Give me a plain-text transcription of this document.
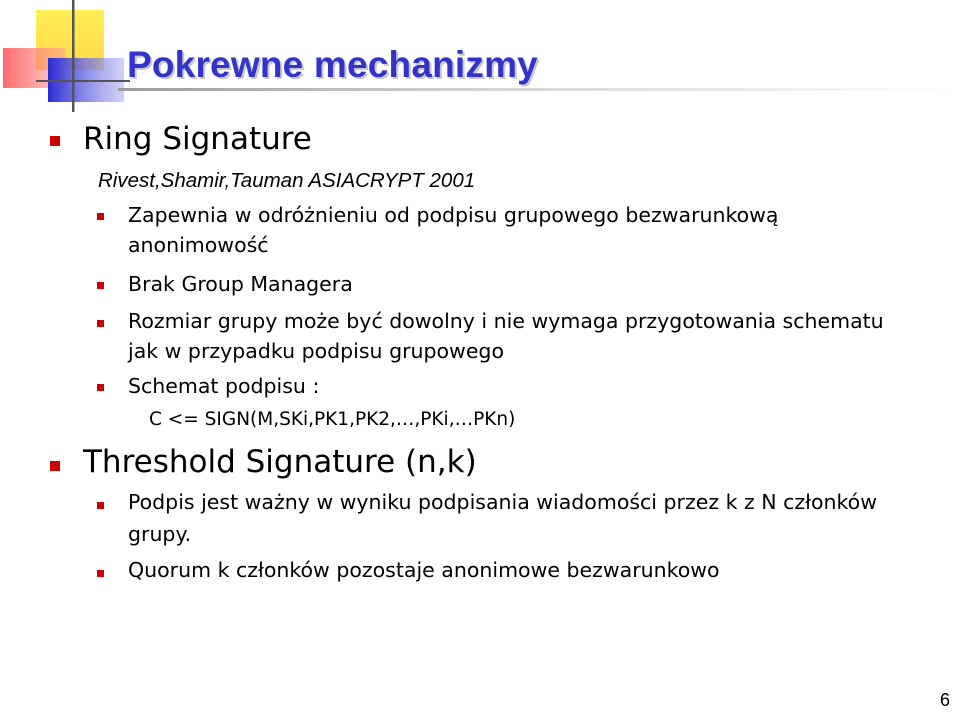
Pokrewne mechanizmy
Ring Signature
Rivest,Shamir,Tauman ASIACRYPT 2001
Zapewnia w odróżnieniu od podpisu grupowego bezwarunkową
anonimowość
Brak Group Managera
Rozmiar grupy może być dowolny i nie wymaga przygotowania schematu
jak w przypadku podpisu grupowego
Schemat podpisu :
C <= SIGN(M,SKi,PK1,PK2,…,PKi,…PKn)
Threshold Signature (n,k)
Podpis jest ważny w wyniku podpisania wiadomości przez k z N członków
grupy.
Quorum k członków pozostaje anonimowe bezwarunkowo
6
